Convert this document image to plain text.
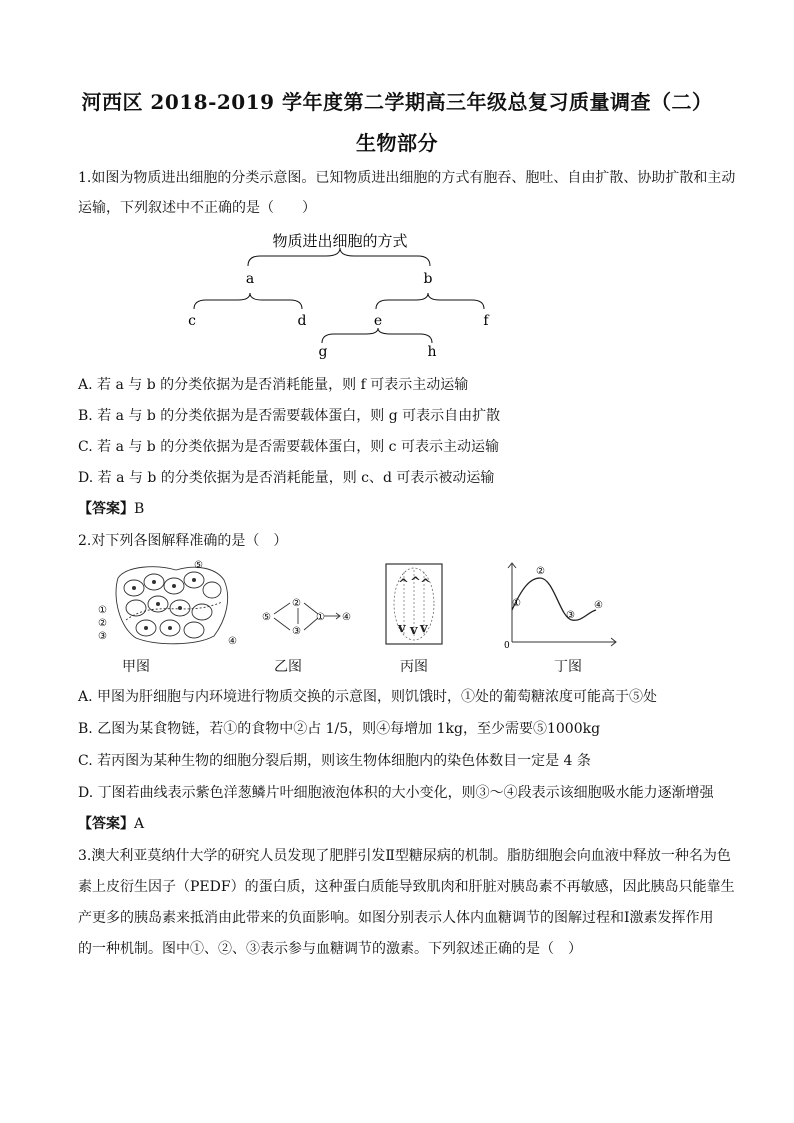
河西区 2018-2019 学年度第二学期高三年级总复习质量调查（二）
生物部分
1.如图为物质进出细胞的分类示意图。已知物质进出细胞的方式有胞吞、胞吐、自由扩散、协助扩散和主动
运输，下列叙述中不正确的是（　　）
物质进出细胞的方式
a	b
c	d	e	f
g	h
A. 若 a 与 b 的分类依据为是否消耗能量，则 f 可表示主动运输
B. 若 a 与 b 的分类依据为是否需要载体蛋白，则 g 可表示自由扩散
C. 若 a 与 b 的分类依据为是否需要载体蛋白，则 c 可表示主动运输
D. 若 a 与 b 的分类依据为是否消耗能量，则 c、d 可表示被动运输
【答案】B
2.对下列各图解释准确的是（　）
①
②
③	④
⑤
甲图
⑤
②
③
④
①
乙图
^ ^ ^
v v v
丙图
0
①
②
③
④
丁图
A. 甲图为肝细胞与内环境进行物质交换的示意图，则饥饿时，①处的葡萄糖浓度可能高于⑤处
B. 乙图为某食物链，若①的食物中②占 1/5，则④每增加 1kg，至少需要⑤1000kg
C. 若丙图为某种生物的细胞分裂后期，则该生物体细胞内的染色体数目一定是 4 条
D. 丁图若曲线表示紫色洋葱鳞片叶细胞液泡体积的大小变化，则③～④段表示该细胞吸水能力逐渐增强
【答案】A
3.澳大利亚莫纳什大学的研究人员发现了肥胖引发Ⅱ型糖尿病的机制。脂肪细胞会向血液中释放一种名为色
素上皮衍生因子（PEDF）的蛋白质，这种蛋白质能导致肌肉和肝脏对胰岛素不再敏感，因此胰岛只能靠生
产更多的胰岛素来抵消由此带来的负面影响。如图分别表示人体内血糖调节的图解过程和Ⅰ激素发挥作用
的一种机制。图中①、②、③表示参与血糖调节的激素。下列叙述正确的是（　）
